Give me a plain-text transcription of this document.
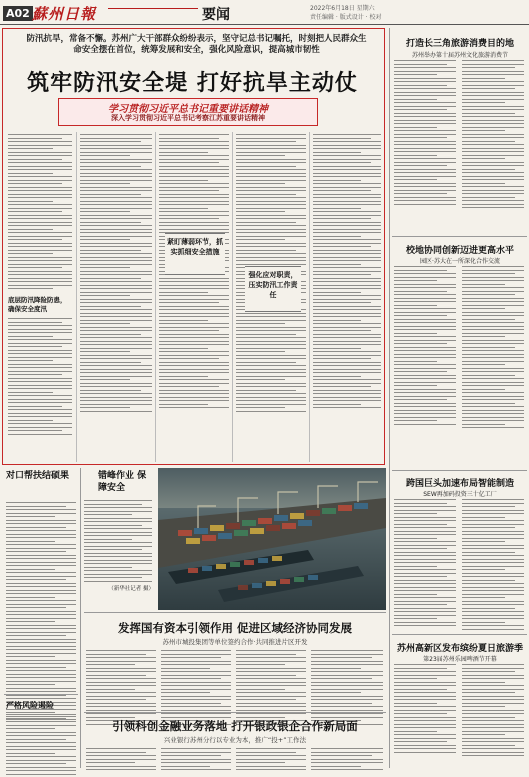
A02 蘇州日報	要闻	2022年6月18日 星期六
责任编辑 · 版式设计 · 校对
防汛抗旱，常备不懈。苏州广大干部群众纷纷表示，坚守记总书记嘱托，时刻把人民群众生命安全摆在首位，统筹发展和安全，强化风险意识，提高城市韧性
筑牢防汛安全堤 打好抗旱主动仗
学习贯彻习近平总书记重要讲话精神
深入学习贯彻习近平总书记考察江苏重要讲话精神
底层防汛降险防患，确保安全度汛
紧盯薄弱环节，抓实抓细安全措施
强化应对职责，压实防汛工作责任
打造长三角旅游消费目的地
苏州举办第十届苏州文化旅游消费节
校地协同创新迈进更高水平
园区·苏大在一所深化合作交流
跨国巨头加速布局智能制造
SEW再加码投资三十亿工厂
苏州高新区发布缤纷夏日旅游季
第23届苏州乐园啤酒节开幕
对口帮扶结硕果
严格风险遏险
错峰作业 保障安全
（新华社记者 摄）
发挥国有资本引领作用 促进区域经济协同发展
苏州市城投集团等单位签约合作·共同推进片区开发
引领科创金融业务落地 打开银政银企合作新局面
兴业银行苏州分行以专业为本，推广“投+”工作法
